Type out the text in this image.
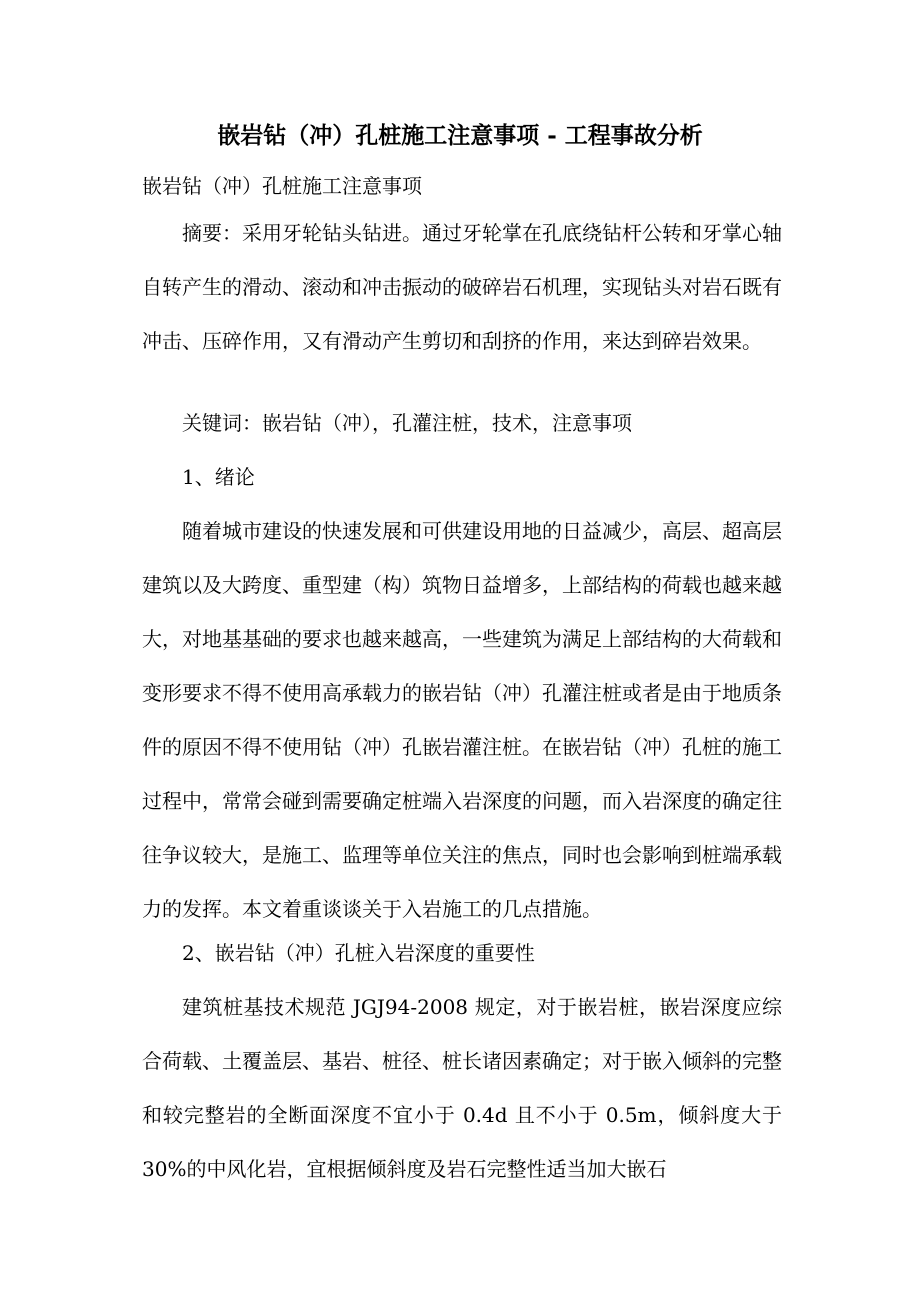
嵌岩钻（冲）孔桩施工注意事项 - 工程事故分析
嵌岩钻（冲）孔桩施工注意事项

摘要：采用牙轮钻头钻进。通过牙轮掌在孔底绕钻杆公转和牙掌心轴自转产生的滑动、滚动和冲击振动的破碎岩石机理，实现钻头对岩石既有冲击、压碎作用，又有滑动产生剪切和刮挤的作用，来达到碎岩效果。

关键词：嵌岩钻（冲），孔灌注桩，技术，注意事项

1、绪论

随着城市建设的快速发展和可供建设用地的日益减少，高层、超高层建筑以及大跨度、重型建（构）筑物日益增多，上部结构的荷载也越来越大，对地基基础的要求也越来越高，一些建筑为满足上部结构的大荷载和变形要求不得不使用高承载力的嵌岩钻（冲）孔灌注桩或者是由于地质条件的原因不得不使用钻（冲）孔嵌岩灌注桩。在嵌岩钻（冲）孔桩的施工过程中，常常会碰到需要确定桩端入岩深度的问题，而入岩深度的确定往往争议较大，是施工、监理等单位关注的焦点，同时也会影响到桩端承载力的发挥。本文着重谈谈关于入岩施工的几点措施。

2、嵌岩钻（冲）孔桩入岩深度的重要性

建筑桩基技术规范 JGJ94-2008 规定，对于嵌岩桩，嵌岩深度应综合荷载、土覆盖层、基岩、桩径、桩长诸因素确定；对于嵌入倾斜的完整和较完整岩的全断面深度不宜小于 0.4d 且不小于 0.5m，倾斜度大于 30%的中风化岩，宜根据倾斜度及岩石完整性适当加大嵌石
